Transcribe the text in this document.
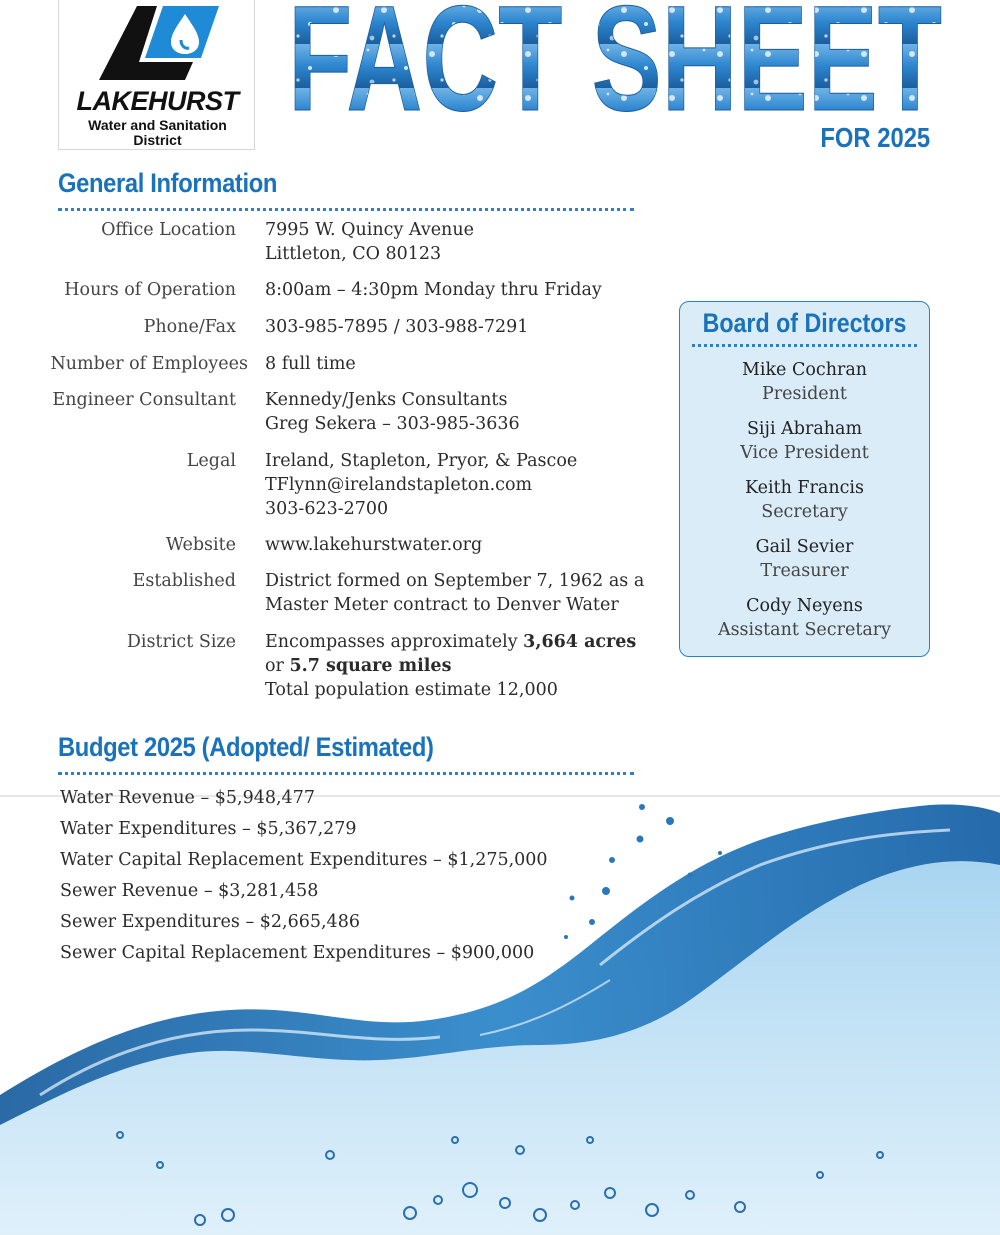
LAKEHURST
Water and Sanitation
District FACT SHEET
FOR 2025
General Information
Office Location 7995 W. Quincy Avenue
Littleton, CO 80123
Hours of Operation 8:00am – 4:30pm Monday thru Friday
Phone/Fax 303-985-7895 / 303-988-7291
Number of Employees 8 full time
Engineer Consultant Kennedy/Jenks Consultants
Greg Sekera – 303-985-3636
Legal Ireland, Stapleton, Pryor, & Pascoe
TFlynn@irelandstapleton.com
303-623-2700
Website www.lakehurstwater.org
Established District formed on September 7, 1962 as a
Master Meter contract to Denver Water
District Size Encompasses approximately 3,664 acres
or 5.7 square miles
Total population estimate 12,000
Board of Directors
Mike Cochran
President
Siji Abraham
Vice President
Keith Francis
Secretary
Gail Sevier
Treasurer
Cody Neyens
Assistant Secretary
Budget 2025 (Adopted/ Estimated)
Water Revenue – $5,948,477
Water Expenditures – $5,367,279
Water Capital Replacement Expenditures – $1,275,000
Sewer Revenue – $3,281,458
Sewer Expenditures – $2,665,486
Sewer Capital Replacement Expenditures – $900,000
